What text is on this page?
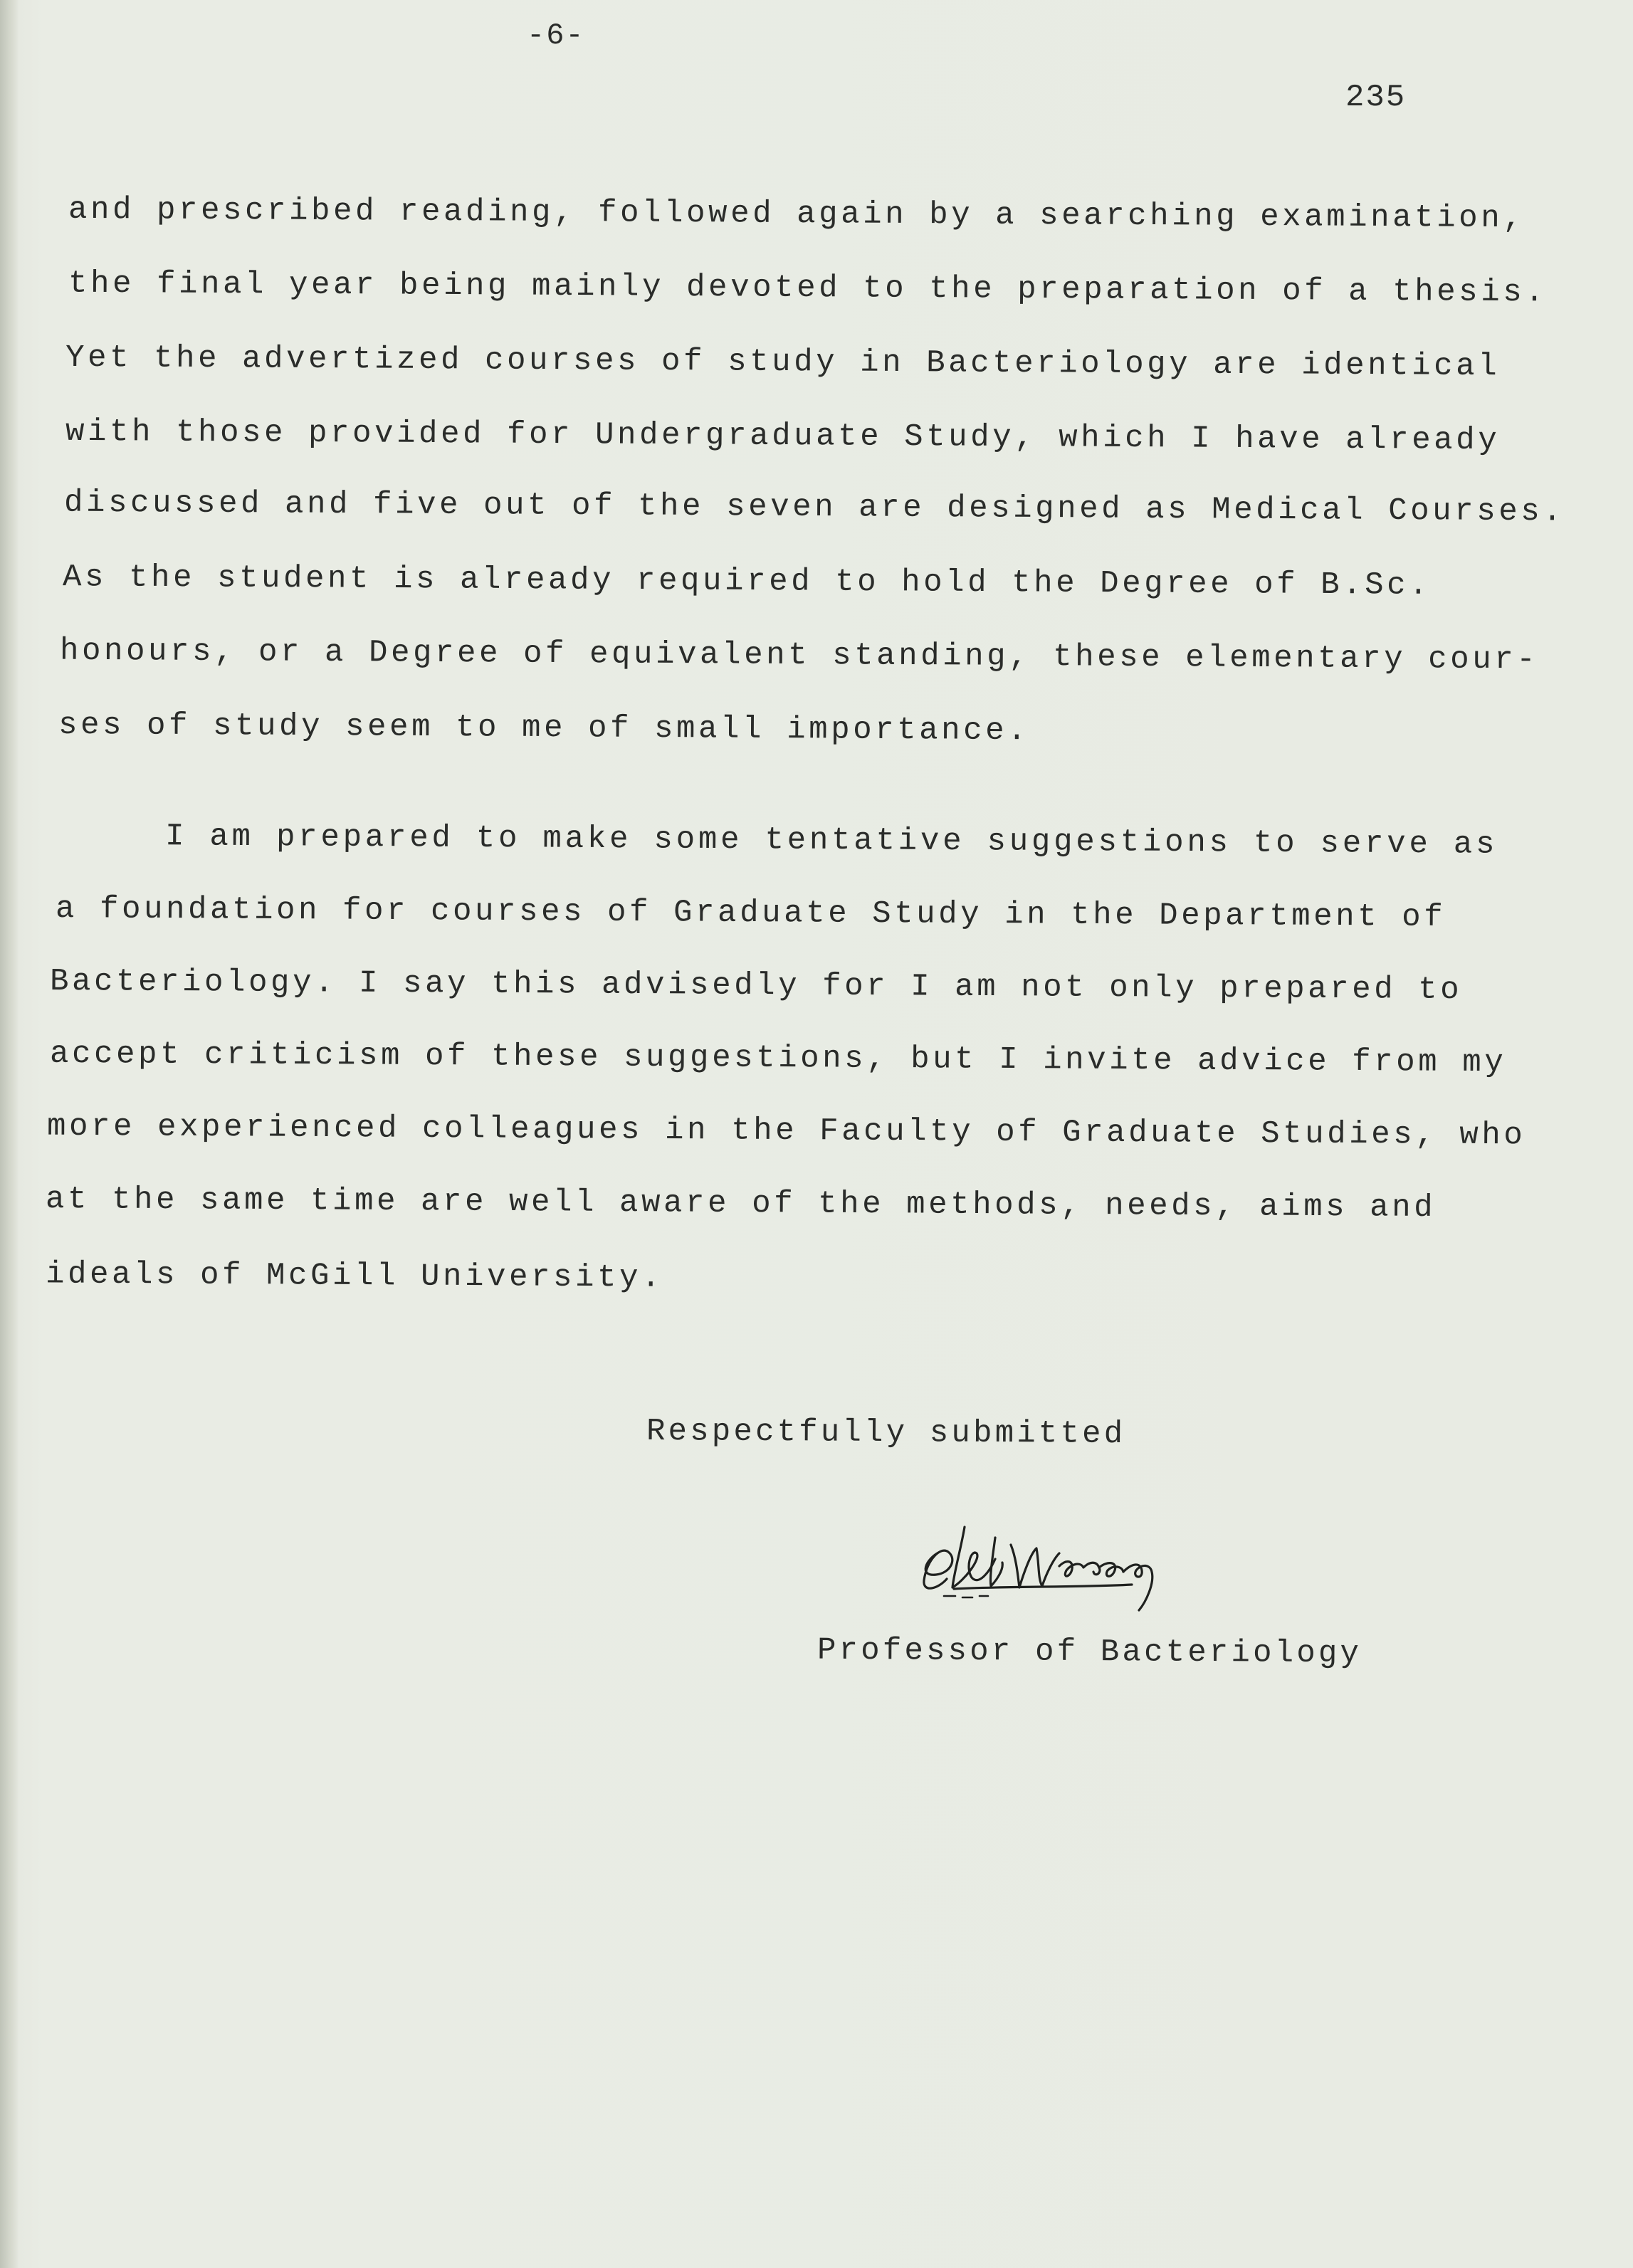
-6-
235
and prescribed reading, followed again by a searching examination,
the final year being mainly devoted to the preparation of a thesis.
Yet the advertized courses of study in Bacteriology are identical
with those provided for Undergraduate Study, which I have already
discussed and five out of the seven are designed as Medical Courses.
As the student is already required to hold the Degree of B.Sc.
honours, or a Degree of equivalent standing, these elementary cour-
ses of study seem to me of small importance.
I am prepared to make some tentative suggestions to serve as
a foundation for courses of Graduate Study in the Department of
Bacteriology. I say this advisedly for I am not only prepared to
accept criticism of these suggestions, but I invite advice from my
more experienced colleagues in the Faculty of Graduate Studies, who
at the same time are well aware of the methods, needs, aims and
ideals of McGill University.
Respectfully submitted
Professor of Bacteriology
